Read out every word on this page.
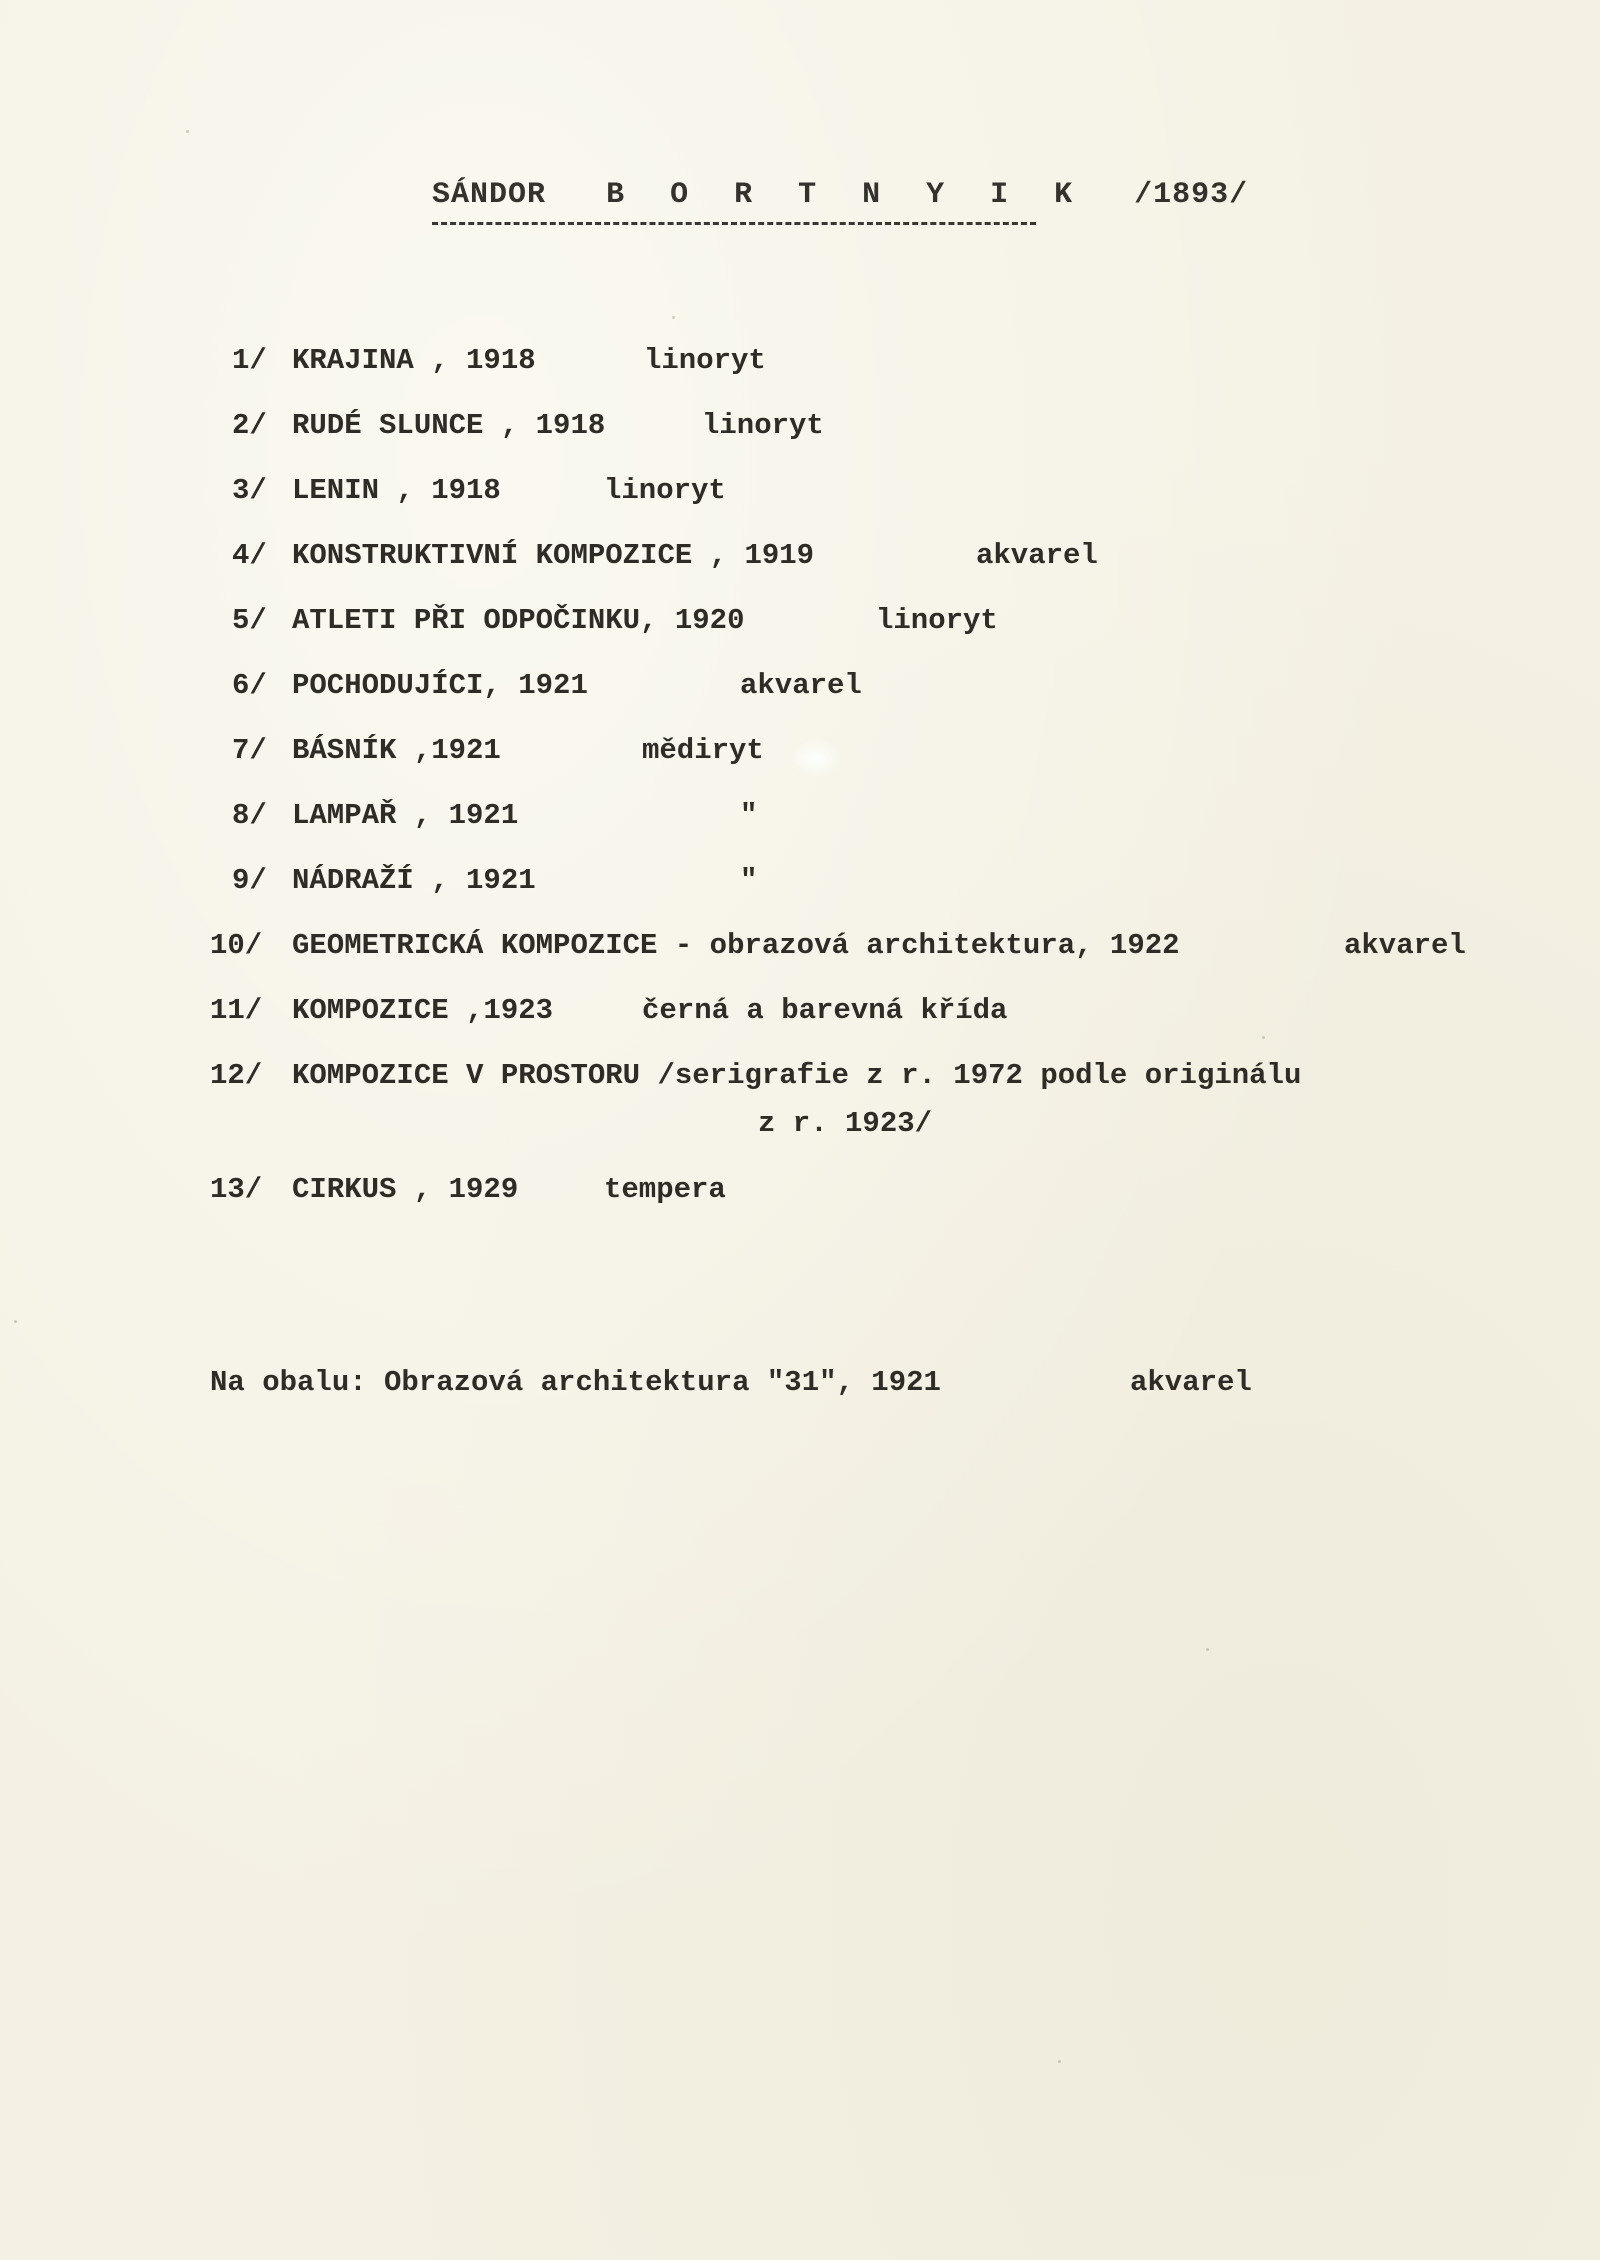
SÁNDOR B O R T N Y I K /1893/
1/ KRAJINA , 1918	linoryt
2/ RUDÉ SLUNCE , 1918	linoryt
3/ LENIN , 1918	linoryt
4/ KONSTRUKTIVNÍ KOMPOZICE , 1919	akvarel
5/ ATLETI PŘI ODPOČINKU, 1920	linoryt
6/ POCHODUJÍCI, 1921	akvarel
7/ BÁSNÍK ,1921	mědiryt
8/ LAMPAŘ , 1921	"
9/ NÁDRAŽÍ , 1921	"
10/ GEOMETRICKÁ KOMPOZICE - obrazová architektura, 1922	akvarel
11/ KOMPOZICE ,1923	černá a barevná křída
12/ KOMPOZICE V PROSTORU /serigrafie z r. 1972 podle originálu
z r. 1923/
13/ CIRKUS , 1929	tempera
Na obalu: Obrazová architektura "31", 1921	akvarel
